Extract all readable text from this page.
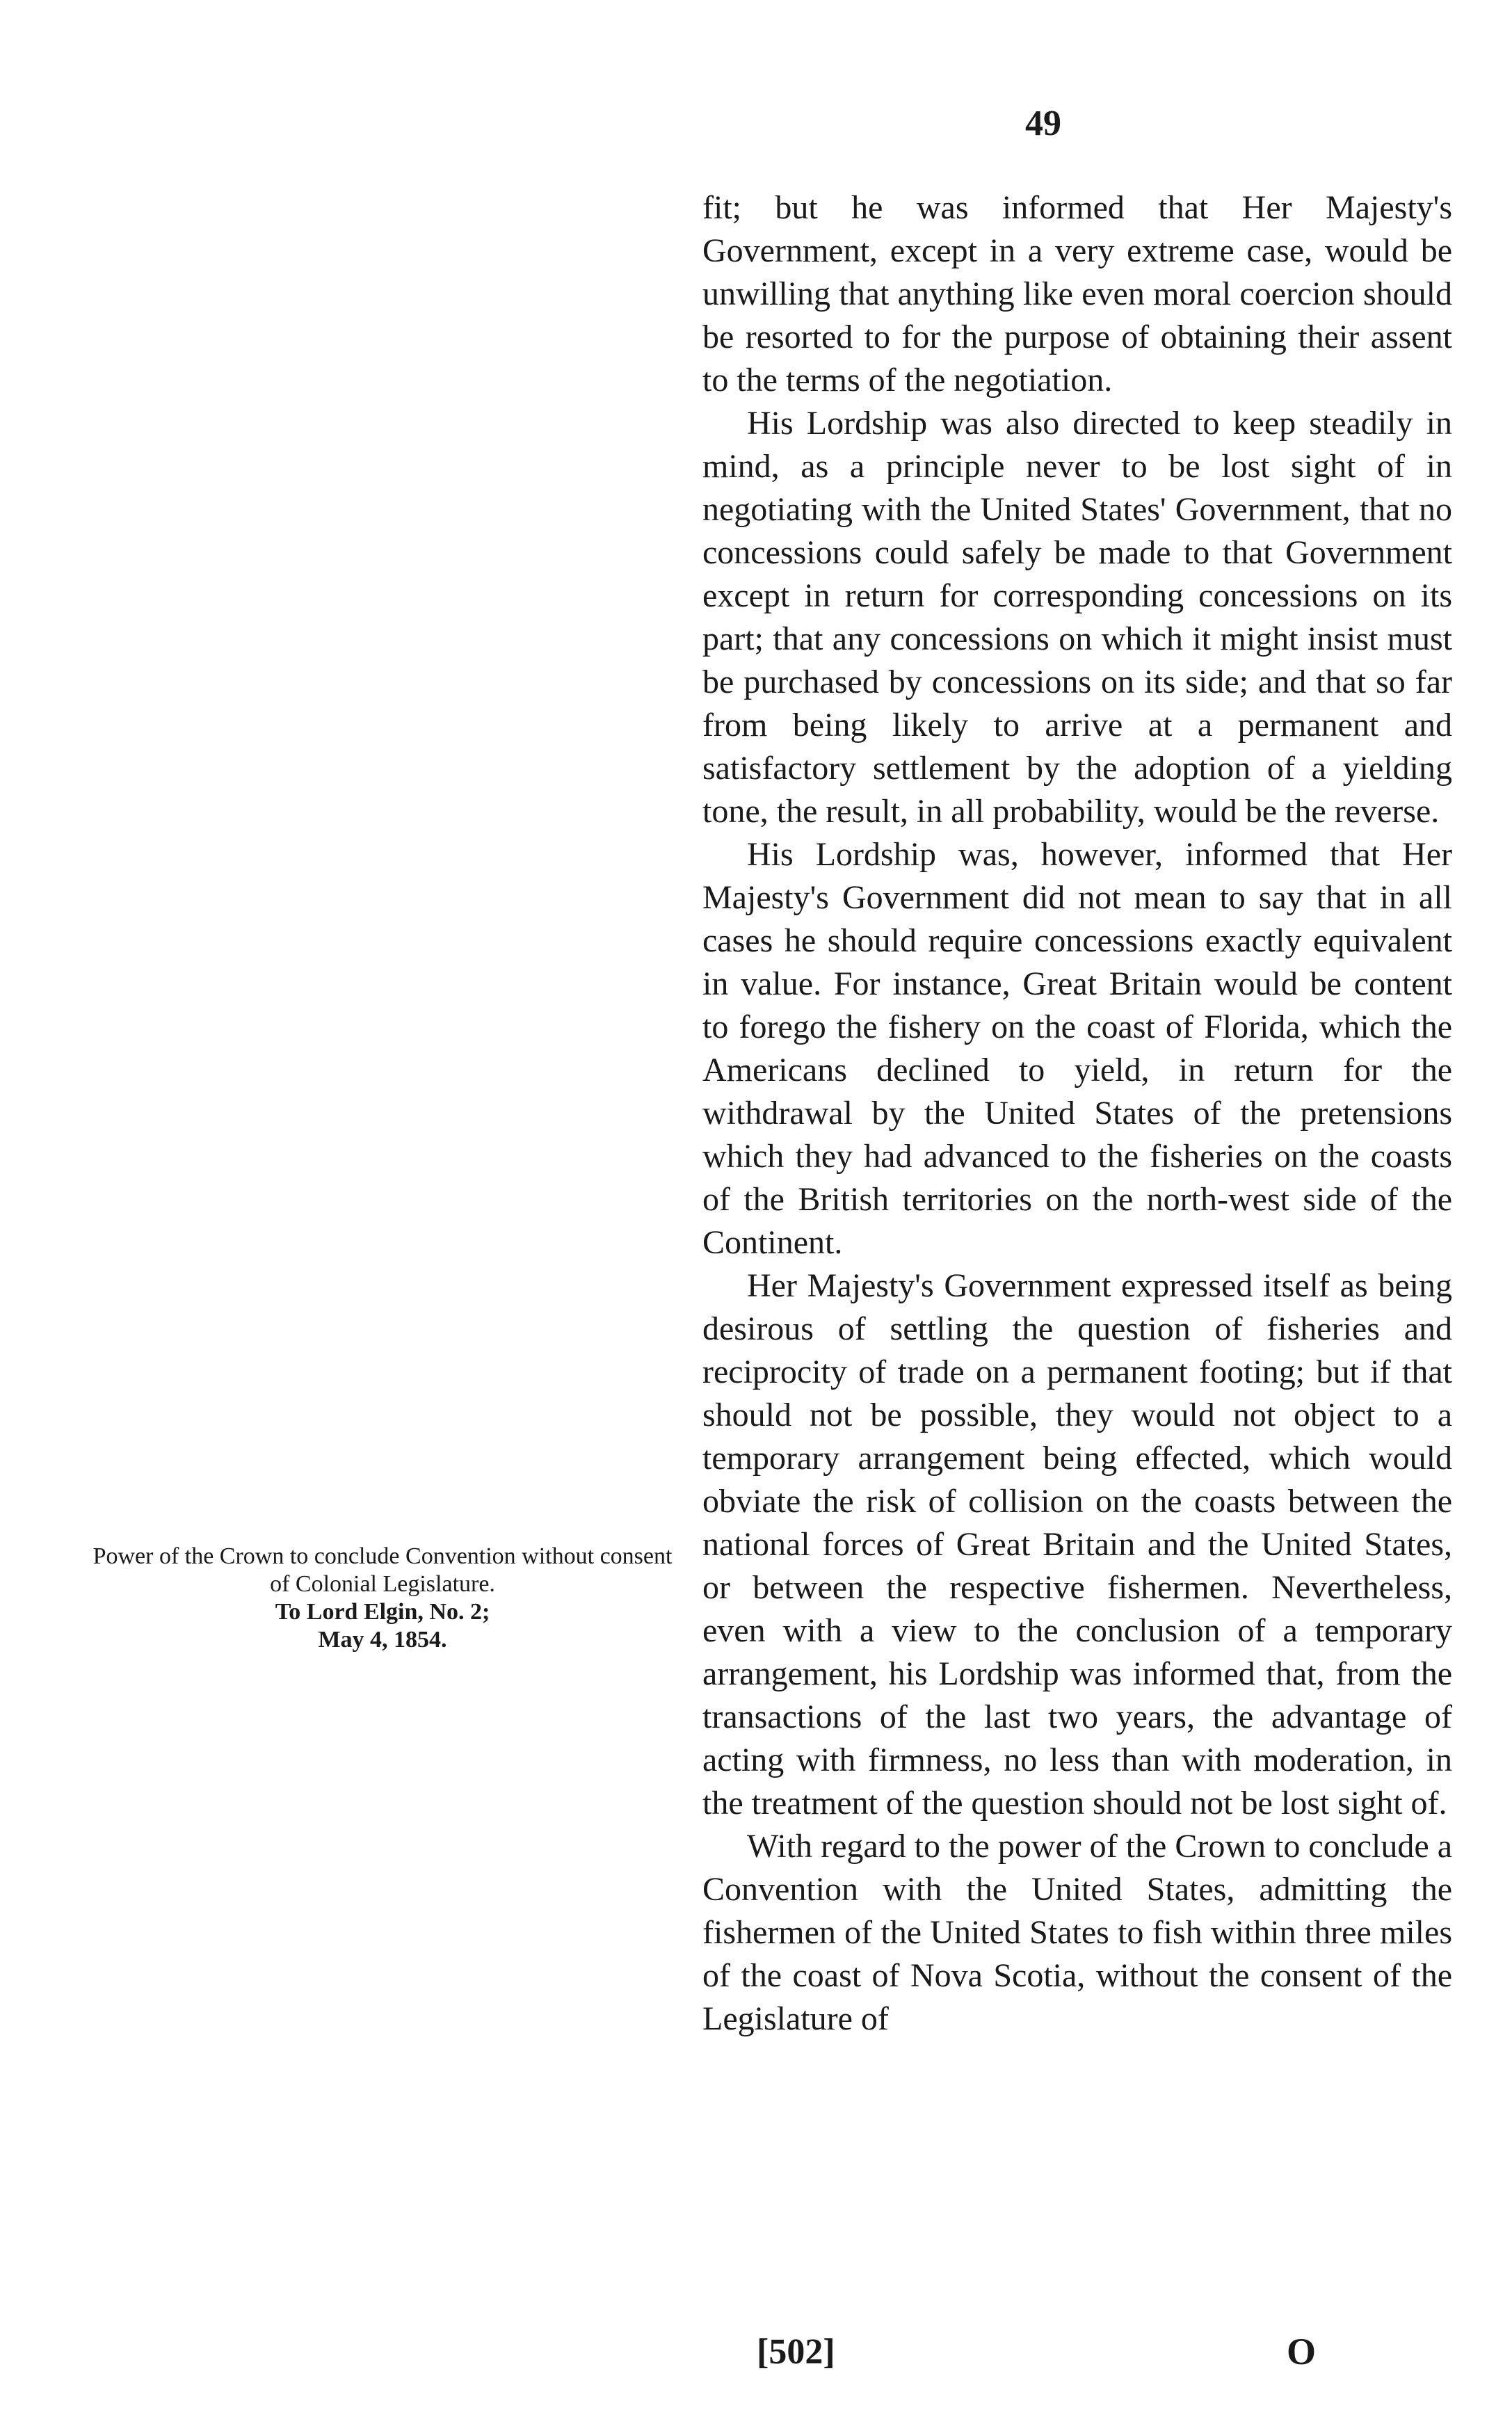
49

fit; but he was informed that Her Majesty's Government, except in a very extreme case, would be unwilling that anything like even moral coercion should be resorted to for the purpose of obtaining their assent to the terms of the negotiation.

His Lordship was also directed to keep steadily in mind, as a principle never to be lost sight of in negotiating with the United States' Government, that no concessions could safely be made to that Government except in return for corresponding concessions on its part; that any concessions on which it might insist must be purchased by concessions on its side; and that so far from being likely to arrive at a permanent and satisfactory settlement by the adoption of a yielding tone, the result, in all probability, would be the reverse.

His Lordship was, however, informed that Her Majesty's Government did not mean to say that in all cases he should require concessions exactly equivalent in value. For instance, Great Britain would be content to forego the fishery on the coast of Florida, which the Americans declined to yield, in return for the withdrawal by the United States of the pretensions which they had advanced to the fisheries on the coasts of the British territories on the north-west side of the Continent.

Her Majesty's Government expressed itself as being desirous of settling the question of fisheries and reciprocity of trade on a permanent footing; but if that should not be possible, they would not object to a temporary arrangement being effected, which would obviate the risk of collision on the coasts between the national forces of Great Britain and the United States, or between the respective fishermen. Nevertheless, even with a view to the conclusion of a temporary arrangement, his Lordship was informed that, from the transactions of the last two years, the advantage of acting with firmness, no less than with moderation, in the treatment of the question should not be lost sight of.

With regard to the power of the Crown to conclude a Convention with the United States, admitting the fishermen of the United States to fish within three miles of the coast of Nova Scotia, without the consent of the Legislature of

Power of the Crown to conclude Convention without consent of Colonial Legislature.
To Lord Elgin, No. 2;
May 4, 1854.
[502]	O
